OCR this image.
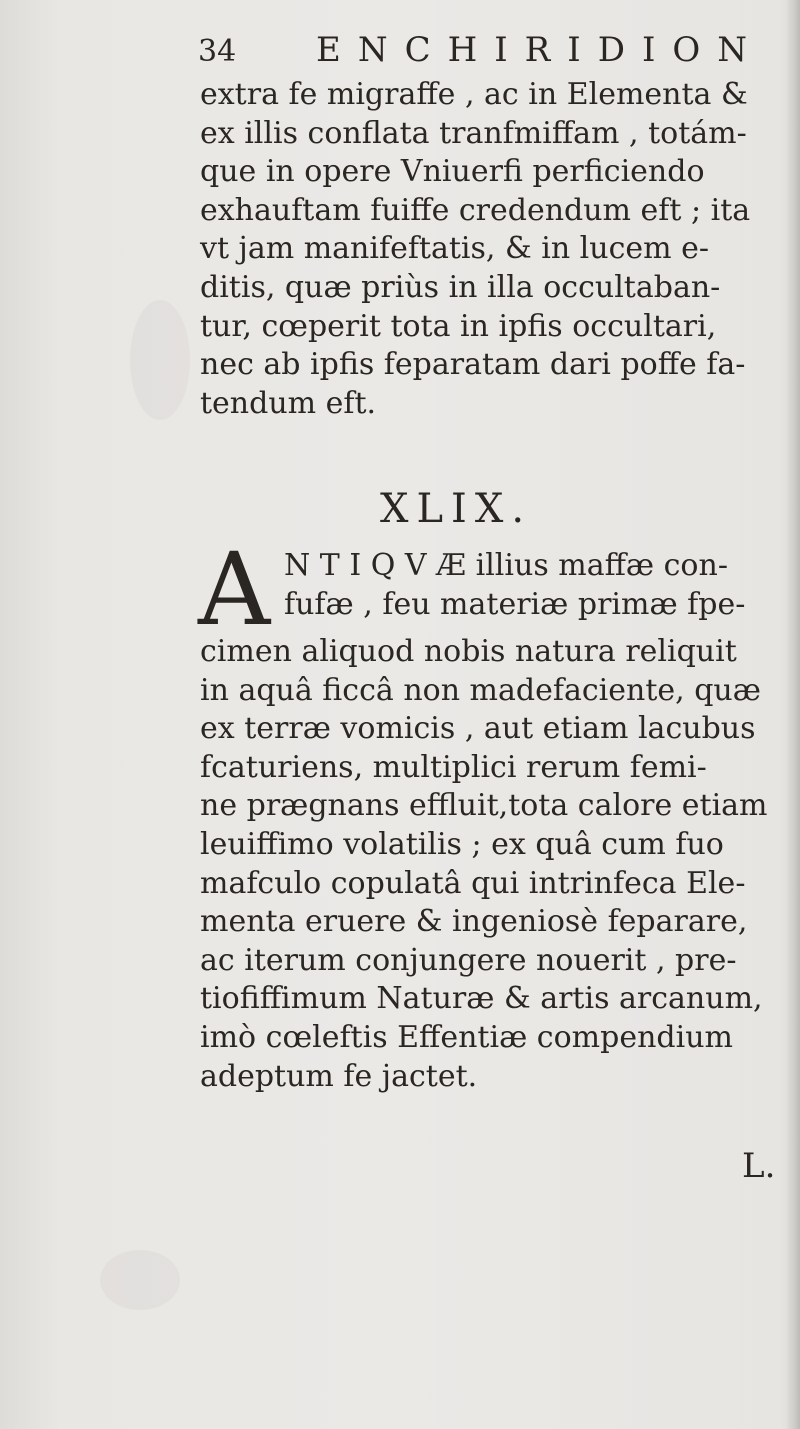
34 ENCHIRIDION
extra fe migraffe , ac in Elementa &
ex illis conflata tranfmiffam , totám-
que in opere Vniuerfi perficiendo
exhauftam fuiffe credendum eft ; ita
vt jam manifeftatis, & in lucem e-
ditis, quæ priùs in illa occultaban-
tur, cœperit tota in ipfis occultari,
nec ab ipfis feparatam dari poffe fa-
tendum eft.
XLIX.
A N T I Q V Æ illius maffæ con-
fufæ , feu materiæ primæ fpe-
cimen aliquod nobis natura reliquit
in aquâ ficcâ non madefaciente, quæ
ex terræ vomicis , aut etiam lacubus
fcaturiens, multiplici rerum femi-
ne prægnans effluit,tota calore etiam
leuiffimo volatilis ; ex quâ cum fuo
mafculo copulatâ qui intrinfeca Ele-
menta eruere & ingeniosè feparare,
ac iterum conjungere nouerit , pre-
tiofiffimum Naturæ & artis arcanum,
imò cœleftis Effentiæ compendium
adeptum fe jactet.
L.
